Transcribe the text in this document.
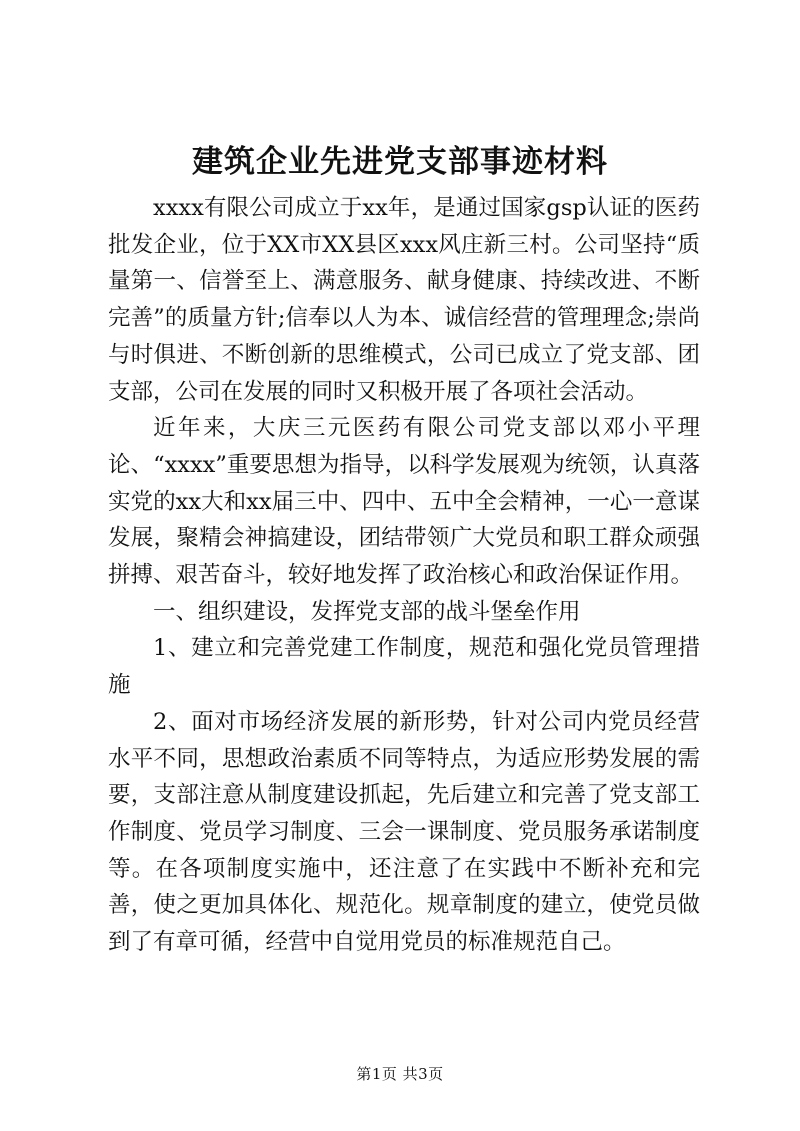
建筑企业先进党支部事迹材料

xxxx有限公司成立于xx年，是通过国家gsp认证的医药批发企业，位于XX市XX县区xxx风庄新三村。公司坚持“质量第一、信誉至上、满意服务、献身健康、持续改进、不断完善”的质量方针;信奉以人为本、诚信经营的管理理念;崇尚与时俱进、不断创新的思维模式，公司已成立了党支部、团支部，公司在发展的同时又积极开展了各项社会活动。

近年来，大庆三元医药有限公司党支部以邓小平理论、“xxxx”重要思想为指导，以科学发展观为统领，认真落实党的xx大和xx届三中、四中、五中全会精神，一心一意谋发展，聚精会神搞建设，团结带领广大党员和职工群众顽强拼搏、艰苦奋斗，较好地发挥了政治核心和政治保证作用。

一、组织建设，发挥党支部的战斗堡垒作用

1、建立和完善党建工作制度，规范和强化党员管理措施

2、面对市场经济发展的新形势，针对公司内党员经营水平不同，思想政治素质不同等特点，为适应形势发展的需要，支部注意从制度建设抓起，先后建立和完善了党支部工作制度、党员学习制度、三会一课制度、党员服务承诺制度等。在各项制度实施中，还注意了在实践中不断补充和完善，使之更加具体化、规范化。规章制度的建立，使党员做到了有章可循，经营中自觉用党员的标准规范自己。

第1页 共3页
